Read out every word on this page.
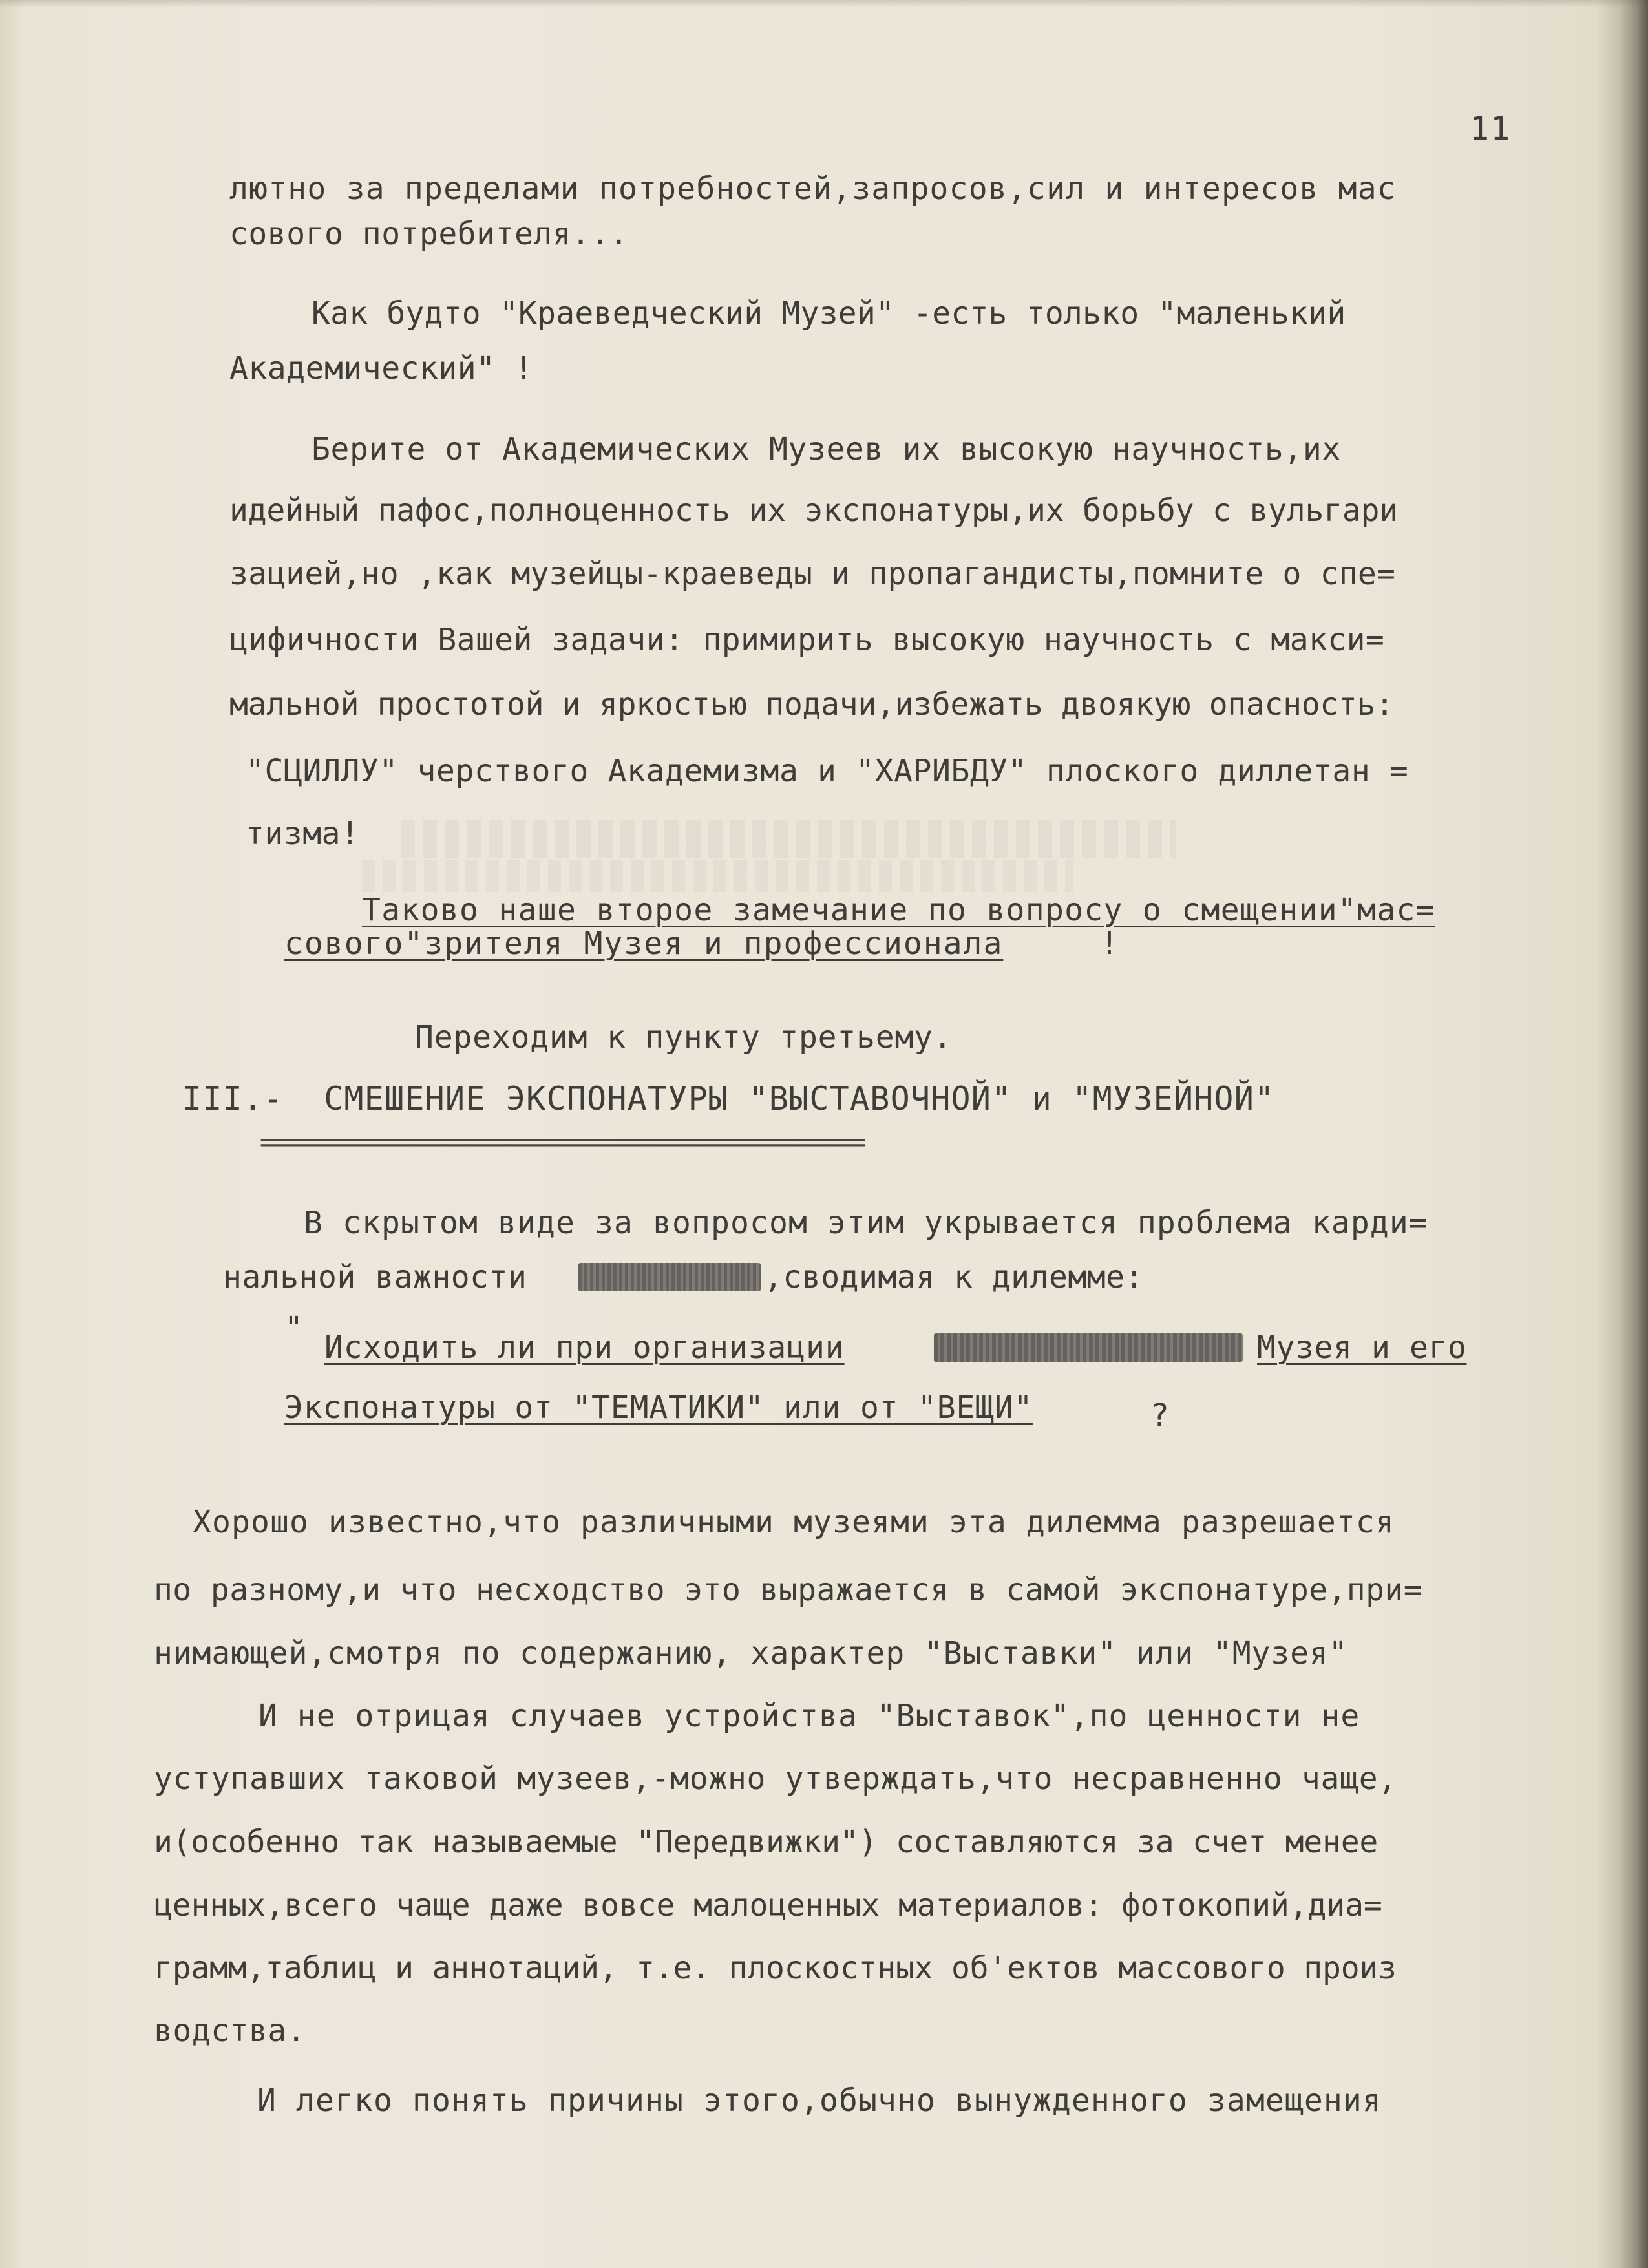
11
лютно за пределами потребностей,запросов,сил и интересов мас
сового потребителя...
Как будто "Краеведческий Музей" -есть только "маленький
Академический" !
Берите от Академических Музеев их высокую научность,их
идейный пафос,полноценность их экспонатуры,их борьбу с вульгари
зацией,но ,как музейцы-краеведы и пропагандисты,помните о спе=
цифичности Вашей задачи: примирить высокую научность с макси=
мальной простотой и яркостью подачи,избежать двоякую опасность:
"СЦИЛЛУ" черствого Академизма и "ХАРИБДУ" плоского диллетан =
тизма!
Таково наше второе замечание по вопросу о смещении"мас=
сового"зрителя Музея и профессионала	!
Переходим к пункту третьему.
III.-  СМЕШЕНИЕ ЭКСПОНАТУРЫ "ВЫСТАВОЧНОЙ" и "МУЗЕЙНОЙ"
=================================================
В скрытом виде за вопросом этим укрывается проблема карди=
нальной важности	,сводимая к дилемме:
"
Исходить ли при организации	Музея и его
Экспонатуры от "ТЕМАТИКИ" или от "ВЕЩИ"	?
Хорошо известно,что различными музеями эта дилемма разрешается
по разному,и что несходство это выражается в самой экспонатуре,при=
нимающей,смотря по содержанию, характер "Выставки" или "Музея"
И не отрицая случаев устройства "Выставок",по ценности не
уступавших таковой музеев,-можно утверждать,что несравненно чаще,
и(особенно так называемые "Передвижки") составляются за счет менее
ценных,всего чаще даже вовсе малоценных материалов: фотокопий,диа=
грамм,таблиц и аннотаций, т.е. плоскостных об'ектов массового произ
водства.
И легко понять причины этого,обычно вынужденного замещения
